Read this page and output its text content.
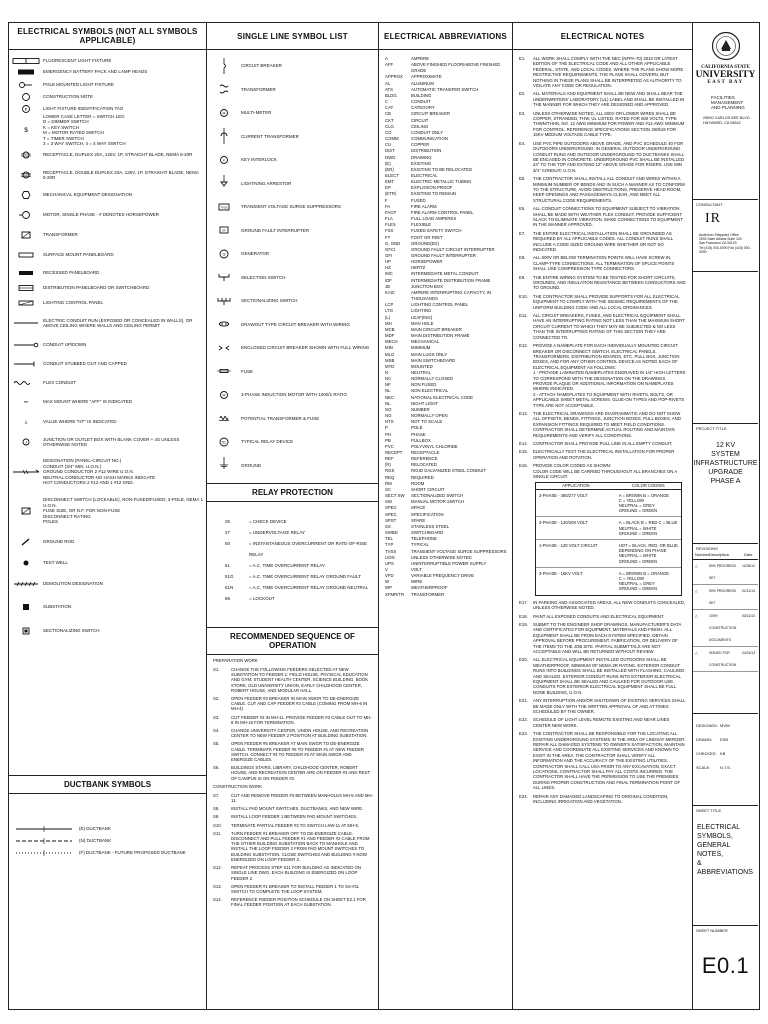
ELECTRICAL SYMBOLS (NOT ALL SYMBOLS APPLICABLE)
FLUORESCENT LIGHT FIXTURE
EMERGENCY BATTERY PACK AND LAMP HEADS
POLE MOUNTED LIGHT FIXTURE
CONSTRUCTION NOTE
F	LIGHT FIXTURE IDENTIFICATION TAG
$
LOWER CASE LETTER = SWITCH LEG
D = DIMMER SWITCH
K = KEY SWITCH
M = MOTOR RATED SWITCH
T = TIMER SWITCH
3 = 3 WAY SWITCH, 4 = 4 WAY SWITCH
RECEPTACLE, DUPLEX 20A, 125V, 1P, STRAIGHT BLADE, NEMA 5-20R
RECEPTACLE, DOUBLE DUPLEX 20A, 125V, 1P, STRAIGHT BLADE, NEMA 5-20R
MECHANICAL EQUIPMENT DESIGNATION
MOTOR, SINGLE PHASE - # DENOTES HORSEPOWER
TRANSFORMER
SURFACE MOUNT PANELBOARD
RECESSED PANELBOARD
DISTRIBUTION PANELBOARD OR SWITCHBOARD
LIGHTING CONTROL PANEL
ELECTRIC CONDUIT RUN (EXPOSED OR CONCEALED IN WALLS), OR ABOVE CEILING WHERE WALLS AND CEILING PERMIT
CONDUIT UP/DOWN
CONDUIT STUBBED OUT AND CAPPED
FLEX CONDUIT
⏛	MAX MOUNT WHERE "AFF" IS INDICATED
⏚	VALUE WHERE "HT" IS INDICATED
J
JUNCTION OR OUTLET BOX WITH BLANK COVER + 4S UNLESS OTHERWISE NOTED
DESIGNATION (PANEL-CIRCUIT NO.)
CONDUIT (3/4" MIN. U.O.N.)
GROUND CONDUCTOR 2 #12 WIRE U.O.N.
NEUTRAL CONDUCTOR NO HASH MARKS INDICATE
HOT CONDUCTORS 2 #12 AND 1 #12 GND.
DISCONNECT SWITCH (LOCKABLE), NON-FUSED/FUSED, 3-POLE, NEMA 1 U.O.N.
FUSE SIZE, OR N.F. FOR NON-FUSE
DISCONNECT RATING
POLES
GROUND ROD
TEST WELL
DEMOLITION DESIGNATION
SUBSTATION
SECTIONALIZING SWITCH
DUCTBANK SYMBOLS
(E) DUCTBANK
(N) DUCTBANK
(F) DUCTBANK - FUTURE PROPOSED DUCTBANK
SINGLE LINE SYMBOL LIST
CIRCUIT BREAKER
TRANSFORMER
M	MULTI-METER
CURRENT TRANSFORMER
K	KEY INTERLOCK
LIGHTNING ARRESTOR
TVSS	TRANSIENT VOLTAGE SURGE SUPPRESSORS
GF	GROUND FAULT INTERRUPTER
G	GENERATOR
SELECTION SWITCH
SECTIONALIZING SWITCH
DRAWOUT TYPE CIRCUIT BREAKER WITH WIRING
ENCLOSED CIRCUIT BREAKER SHOWN WITH FULL WIRING
FUSE
M	3-PHASE INDUCTION MOTOR WITH 1000/1 RATIO
POTENTIAL TRANSFORMER & FUSE
51	TYPICAL RELAY DEVICE
GROUND
RELAY PROTECTION
25	= CHECK DEVICE
27	= UNDERVOLTAGE RELAY
50	= INSTANTANEOUS OVERCURRENT OR RATE-OF-RISE RELAY
51	= A.C. TIME OVERCURRENT RELAY
51G	= A.C. TIME OVERCURRENT RELAY GROUND FAULT
51N	= A.C. TIME OVERCURRENT RELAY GROUND NEUTRAL
86	= LOCKOUT
RECOMMENDED SEQUENCE OF OPERATION
PREPARATION WORK
S1.	CHANGE THE FOLLOWING FEEDERS SELECTED AT NEW SUBSTATION TO FEEDER 1: FIELD HOUSE, PHYSICAL EDUCATION AND GYM, STUDENT HEALTH CENTER, SCIENCE BUILDING, BOOK STORE, OLD UNIVERSITY UNION, EARLY CHILDHOOD CENTER, ROBERT HOUSE, AND MODULAR HALL.
S2.	OPEN FEEDER #3 BREAKER IN MAIN SWGR TO DE-ENERGIZE CABLE. CUT AND CAP FEEDER #3 CABLE (COMING FROM MH-6 IN MH-4).
S3.	CUT FEEDER #3 IN MH-11. PROVIDE FEEDER #3 CABLE OUT TO MH-8 IN MH-15 FOR TERMINATION.
S4.	CHANGE UNIVERSITY CENTER, UNION HOUSE, AND RECREATION CENTER TO NEW FEEDER 2 POSITION AT BUILDING SUBSTATION.
S5.	OPEN FEEDER #5 BREAKER AT MAIN SWGR TO DE-ENERGIZE CABLE. TERMINATE FEEDER #5 TO FEEDER #1 AT NEW FEEDER SWITCH. CONNECT #4 TO FEEDER #2 AT MAIN SWGR AND ENERGIZE CABLES.
S6.	BUILDINGS STAIRS, LIBRARY, CHILDHOOD CENTER, ROBERT HOUSE, AND RECREATION CENTER ARE ON FEEDER #3 AND REST OF CAMPUS IS ON FEEDER #2.
CONSTRUCTION WORK
S7.	CUT AND REMOVE FEEDER #3 BETWEEN MANHOLES MH-5 AND MH-11.
S8.	INSTALL PAD MOUNT SWITCHES, DUCTBANKS, AND NEW WIRE.
S9.	INSTALL LOOP FEEDER 1 BETWEEN PAD MOUNT SWITCHES.
S10.	TERMINATE PARTIAL FEEDER #3 TO SWITCH LSW-11 AT MH-5.
S11.	TURN FEEDER #1 BREAKER OFF TO DE-ENERGIZE CABLE. DISCONNECT AND PULL FEEDER #1 AND FEEDER #2 CABLE FROM THE OTHER BUILDING SUBSTATION BACK TO MANHOLE AND INSTALL THE LOOP FEEDER 2 FROM PAD MOUNT SWITCHES TO BUILDING SUBSTATION. CLOSE SWITCHES AND BUILDING # NOW ENERGIZED ON LOOP FEEDER 2.
S12.	REPEAT PROCESS STEP S11 FOR BUILDING AS INDICATED ON SINGLE LINE DWG, EACH BUILDING IS ENERGIZED ON LOOP FEEDER 2.
S13.	OPEN FEEDER #1 BREAKER TO INSTALL FEEDER 1 TO SS-#11 SWITCH TO COMPLETE THE LOOP SYSTEM.
S14.	REFERENCE FEEDER POSITION SCHEDULE ON SHEET E2.1 FOR FINAL FEEDER POSITION AT EACH SUBSTATION.
ELECTRICAL ABBREVIATIONS
A	AMPERE
AFF	ABOVE FINISHED FLOOR/ABOVE FINISHED GRADE
APPROX	APPROXIMATE
AL	ALUMINUM
ATS	AUTOMATIC TRANSFER SWITCH
BLDG	BUILDING
C	CONDUIT
CAT	CATEGORY
CB	CIRCUIT BREAKER
CKT	CIRCUIT
CLG	CEILING
CO	CONDUIT ONLY
COMM	COMMUNICATION
CU	COPPER
DIST	DISTRIBUTION
DWG	DRAWING
(E)	EXISTING
(ER)	EXISTING TO BE RELOCATED
ELECT	ELECTRICAL
EMT	ELECTRIC METALLIC TUBING
EP	EXPLOSION PROOF
(ETR)	EXISTING TO REMAIN
F	FUSED
FA	FIRE ALARM
FACP	FIRE ALARM CONTROL PANEL
FLA	FULL LOAD AMPERES
FLEX	FLEXIBLE
FSS	FUSED SAFETY SWITCH
FT	FOOT OR FEET
G, GND	GROUND(ED)
GFCI	GROUND FAULT CIRCUIT INTERRUPTER
GFI	GROUND FAULT INTERRUPTER
HP	HORSEPOWER
HZ	HERTZ
IMC	INTERMEDIATE METAL CONDUIT
IDF	INTERMEDIATE DISTRIBUTION FRAME
JB	JUNCTION BOX
KAIC	AMPERE INTERRUPTING CAPACITY, IN THOUSANDS
LCP	LIGHTING CONTROL PANEL
LTG	LIGHTING
(L)	LEAF(ING)
MH	MAN HOLE
MCB	MAIN CIRCUIT BREAKER
MDF	MAIN DISTRIBUTION FRAME
MECH	MECHANICAL
MIN	MINIMUM
MLO	MAIN LUGS ONLY
MSB	MAIN SWITCHBOARD
MTD	MOUNTED
N	NEUTRAL
NC	NORMALLY CLOSED
NF	NON FUSED
NL	NON ELECTRICAL
NEC	NATIONAL ELECTRICAL CODE
NL	NIGHT LIGHT
NO	NUMBER
NO	NORMALLY OPEN
NTS	NOT TO SCALE
P	POLE
PH	PHASE
PB	PULLBOX
PVC	POLYVINYL CHLORIDE
RECEPT	RECEPTACLE
REF	REFERENCE
(R)	RELOCATED
RGS	RIGID GALVANIZED STEEL CONDUIT
REQ	REQUIRED
RM	ROOM
SC	SHORT CIRCUIT
SECT SW	SECTIONALIZED SWITCH
SW	MANUAL MOTOR SWITCH
SPEC	SPACE
SPEC	SPECIFICATION
SPST	SPARE
SS	STAINLESS STEEL
SWBD	SWITCHBOARD
TEL	TELEPHONE
TYP	TYPICAL
TVSS	TRANSIENT VOLTAGE SURGE SUPPRESSORS
UON	UNLESS OTHERWISE NOTED
UPS	UNINTERRUPTIBLE POWER SUPPLY
V	VOLT
VFD	VARIABLE FREQUENCY DRIVE
W	WIRE
WP	WEATHERPROOF
XFMR/TR	TRANSFORMER
ELECTRICAL NOTES
E1.	ALL WORK SHALL COMPLY WITH THE NEC (NFPA-70) 2010 OR LATEST EDITION OF THE ELECTRICAL CODE AND ALL OTHER APPLICABLE FEDERAL, STATE, AND LOCAL CODES. WHERE THE PLANS SHOW MORE RESTRICTIVE REQUIREMENTS, THE PLANS SHALL GOVERN, BUT NOTHING IN THESE PLANS SHALL BE INTERPRETED AS AUTHORITY TO VIOLATE ANY CODE OR REGULATION.
E2.	ALL MATERIALS AND EQUIPMENT SHALL BE NEW AND SHALL BEAR THE UNDERWRITERS' LABORATORY (UL) LABEL AND SHALL BE INSTALLED IN THE MANNER FOR WHICH THEY ARE DESIGNED AND APPROVED.
E3.	UNLESS OTHERWISE NOTED, ALL 600V OR LOWER WIRES SHALL BE COPPER, STRANDED, THW, UL LISTED, RATED FOR 600 VOLTS, TYPE THWN/THHN, NO. 12 AWG MINIMUM FOR POWER AND #14 AWG MINIMUM FOR CONTROL. REFERENCE SPECIFICATIONS SECTION 260519 FOR 15KV MEDIUM VOLTAGE CABLE TYPE.
E4.	USE PVC PIPE OUTDOORS ABOVE GRADE, AND PVC SCHEDULE 40 FOR OUTDOORS UNDERGROUND. IN GENERAL OUTDOOR UNDERGROUND CONDUIT RUNS AND OUTDOOR UNDERGROUND TO DUCTBANKS SHALL BE ENCASED IN CONCRETE. UNDERGROUND PVC SHALL BE INSTALLED 24" TO THE TOP AND EXTEND 12" ABOVE GRADE FOR RISERS. USE MIN 3/4" CONDUIT, U.O.N.
E5.	THE CONTRACTOR SHALL INSTALL ALL CONDUIT AND WIRES WITHIN A MINIMUM NUMBER OF BENDS AND IN SUCH A MANNER AS TO CONFORM TO THE STRUCTURE, AVOID OBSTRUCTIONS, PRESERVE HEAD ROOM, KEEP OPENINGS AND PASSAGEWAYS CLEAR, AND MEET ALL STRUCTURAL CODE REQUIREMENTS.
E6.	ALL CONDUIT CONNECTIONS TO EQUIPMENT SUBJECT TO VIBRATION SHALL BE MADE WITH WEATHER FLEX CONDUIT. PROVIDE SUFFICIENT SLACK TO ELIMINATE VIBRATION. MAKE CONNECTIONS TO EQUIPMENT IN THE MANNER APPROVED.
E7.	THE ENTIRE ELECTRICAL INSTALLATION SHALL BE GROUNDED AS REQUIRED BY ALL APPLICABLE CODES. ALL CONDUIT RUNS SHALL INCLUDE A CODE SIZED GROUND WIRE WHETHER OR NOT SO INDICATED.
E8.	ALL 600V OR BELOW TERMINATION POINTS WILL HAVE SCREW-IN, CLAMP-TYPE CONNECTIONS. ALL TERMINATION OF SPLICE POINTS SHALL USE COMPRESSION TYPE CONNECTORS.
E9.	THE ENTIRE WIRING SYSTEM TO BE TESTED FOR SHORT CIRCUITS, GROUNDS, AND INSULATION RESISTANCE BETWEEN CONDUCTORS AND TO GROUND.
E10.	THE CONTRACTOR SHALL PROVIDE SUPPORTS FOR ALL ELECTRICAL EQUIPMENT TO COMPLY WITH THE SEISMIC REQUIREMENTS OF THE UNIFORM BUILDING CODE AND ALL LOCAL ORDINANCES.
E11.	ALL CIRCUIT BREAKERS, FUSES, AND ELECTRICAL EQUIPMENT SHALL HAVE AN INTERRUPTING RATING NOT LESS THAN THE MAXIMUM SHORT CIRCUIT CURRENT TO WHICH THEY MAY BE SUBJECTED & NO LESS THAN THE INTERRUPTING RATING OF THIS SECTION THEY ARE CONNECTED TO.
E12.	PROVIDE A NAMEPLATE FOR EACH INDIVIDUALLY MOUNTED CIRCUIT BREAKER OR DISCONNECT SWITCH, ELECTRICAL PANELS, TRANSFORMERS, DISTRIBUTION BOARDS, ETC. PULL BOX, JUNCTION BOXES, AND FOR ANY OTHER CONTROL DEVICE AS NOTED EACH OF ELECTRICAL EQUIPMENT AS FOLLOWS:
1 - PROVIDE LAMINATED NAMEPLATES ENGRAVED IN 1/4" HIGH LETTERS TO CORRESPOND WITH THE DESIGNATION ON THE DRAWINGS. PROVIDE PLAQUE OR ADDITIONAL INFORMATION ON NAMEPLATES WHERE INDICATED.
2 - ATTACH NAMEPLATES TO EQUIPMENT WITH RIVETS, BOLTS, OR APPLICABLE SHEET METAL SCREWS. GLUE-ON TYPES AND POP-RIVETS TYPE ARE NOT ACCEPTABLE.
E13.	THE ELECTRICAL DRAWINGS ARE DIAGRAMMATIC AND DO NOT SHOW ALL OFFSETS, BENDS, FITTINGS, JUNCTION BOXES, PULL BOXES, AND EXPANSION FITTINGS REQUIRED TO MEET FIELD CONDITIONS. CONTRACTOR SHALL DETERMINE ACTUAL ROUTING AND MAINTAIN REQUIREMENTS AND VERIFY ALL CONDITIONS.
E14.	CONTRACTOR SHALL PROVIDE PULL LINE IN ALL EMPTY CONDUIT.
E15.	ELECTRICALLY TEST THE ELECTRICAL INSTALLATION FOR PROPER OPERATION AND ROTATION.
E16.	PROVIDE COLOR CODED AS SHOWN:
COLOR CODE WILL BE CARRIED THROUGHOUT ALL BRANCHES ON A SINGLE CIRCUIT.
APPLICATION	COLOR CODING
3-PHASE - 480/277 VOLT	A = BROWN B = ORANGE
C = YELLOW
NEUTRAL = GREY
GROUND = GREEN
3-PHASE - 120/208 VOLT	A = BLACK B = RED C = BLUE
NEUTRAL = WHITE
GROUND = GREEN
1-PHASE - 120 VOLT CIRCUIT	HOT = BLACK, RED, OR BLUE
DEPENDING ON PHASE
NEUTRAL = WHITE
GROUND = GREEN
3-PHASE - 15KV VOLT	A = BROWN B = ORANGE
C = YELLOW
NEUTRAL = GREY
GROUND = GREEN
E17.	IN PARKING AND ASSOCIATED AREAS, ALL NEW CONDUITS CONCEALED, UNLESS OTHERWISE NOTED.
E18.	PAINT ALL EXPOSED CONDUITS AND ELECTRICAL EQUIPMENT.
E19.	SUBMIT TO THE ENGINEER SHOP DRAWINGS, MANUFACTURER'S DATA AND CERTIFICATES FOR EQUIPMENT, MATERIALS AND FINISH. ALL EQUIPMENT SHALL BE FROM EACH SYSTEM SPECIFIED. OBTAIN APPROVAL BEFORE PROCUREMENT, FABRICATION, OR DELIVERY OF THE ITEMS TO THE JOB SITE. PARTIAL SUBMITTALS ARE NOT ACCEPTABLE AND WILL BE RETURNED WITHOUT REVIEW.
E20.	ALL ELECTRICAL EQUIPMENT INSTALLED OUTDOORS SHALL BE WEATHERPROOF, MINIMUM OF NEMA 3R RATING. EXTERIOR CONDUIT RUNS INTO BUILDINGS SHALL BE INSTALLED WITH FLASHING, CAULKED AND SEALED. EXTERIOR CONDUIT RUNS INTO EXTERIOR ELECTRICAL EQUIPMENT SHALL BE SEALED AND CAULKED FOR OUTDOOR USE. CONDUITS FOR EXTERIOR ELECTRICAL EQUIPMENT SHALL BE FULL NONE BUILDING, U.O.N.
E21.	ANY INTERRUPTION AND/OR SHUTDOWN OF EXISTING SERVICES SHALL BE MADE ONLY WITH THE WRITTEN APPROVAL OF AND AT TIMES SCHEDULED BY THE OWNER.
E22.	SCHEDULE OF LIGHT LEVEL REMOTE EXISTING AND NEAR LINES CENTER NEW WORK.
E23.	THE CONTRACTOR SHALL BE RESPONSIBLE FOR THE LOCATING ALL EXISTING UNDERGROUND SYSTEMS IN THE AREA OF LINDSAY MERGER. REPAIR ALL DAMAGED SYSTEMS TO OWNER'S SATISFACTION. MAINTAIN SERVICE AND COORDINATE ALL EXISTING SERVICES AND KNOWN TO EXIST IN THE AREA. THE CONTRACTOR SHALL VERIFY ALL INFORMATION AND THE ACCURACY OF THE EXISTING UTILITIES. CONTRACTOR SHALL CALL USA PRIOR TO ANY EXCAVATION, EXACT LOCATIONS, CONTRACTOR SHALL PAY ALL COSTS INCURRED. THE CONTRACTOR SHALL HAVE THE PERMISSION TO USE THE PREMISES DURING PROPER CONSTRUCTION AND FINAL TERMINATION POINT OF ALL LINES.
E24.	REPAIR ANY DAMAGED LANDSCAPING TO ORIGINAL CONDITION, INCLUDING IRRIGATION AND VEGETATION.
CALIFORNIA STATE
UNIVERSITY
EAST BAY
FACILITIES
MANAGEMENT
AND PLANNING
25800 CARLOS BEE BLVD.
HAYWARD, CA 94542
CONSULTANT
IR
Anderson Sheppard Office
2633 Saint Albans Suite 100
San Francisco CA 94123
Tel (415) 000-0000 Fax (415) 000-0000
PROJECT TITLE
12 KV
SYSTEM
INFRASTRUCTURE
UPGRADE
PHASE A
REVISIONS
Number Description	Date
△	50% PROGRESS SET
11/05/12
△	90% PROGRESS SET
01/11/13
△	100% CONSTRUCTION DOCUMENTS
03/11/13
△	ISSUED FOR CONSTRUCTION
04/24/13
DESIGNED: MVW
DRAWN:	ESB
CHECKED: KB
SCALE:	N.T.S.
SHEET TITLE
ELECTRICAL
SYMBOLS,
GENERAL NOTES,
& ABBREVIATIONS
SHEET NUMBER
E0.1
